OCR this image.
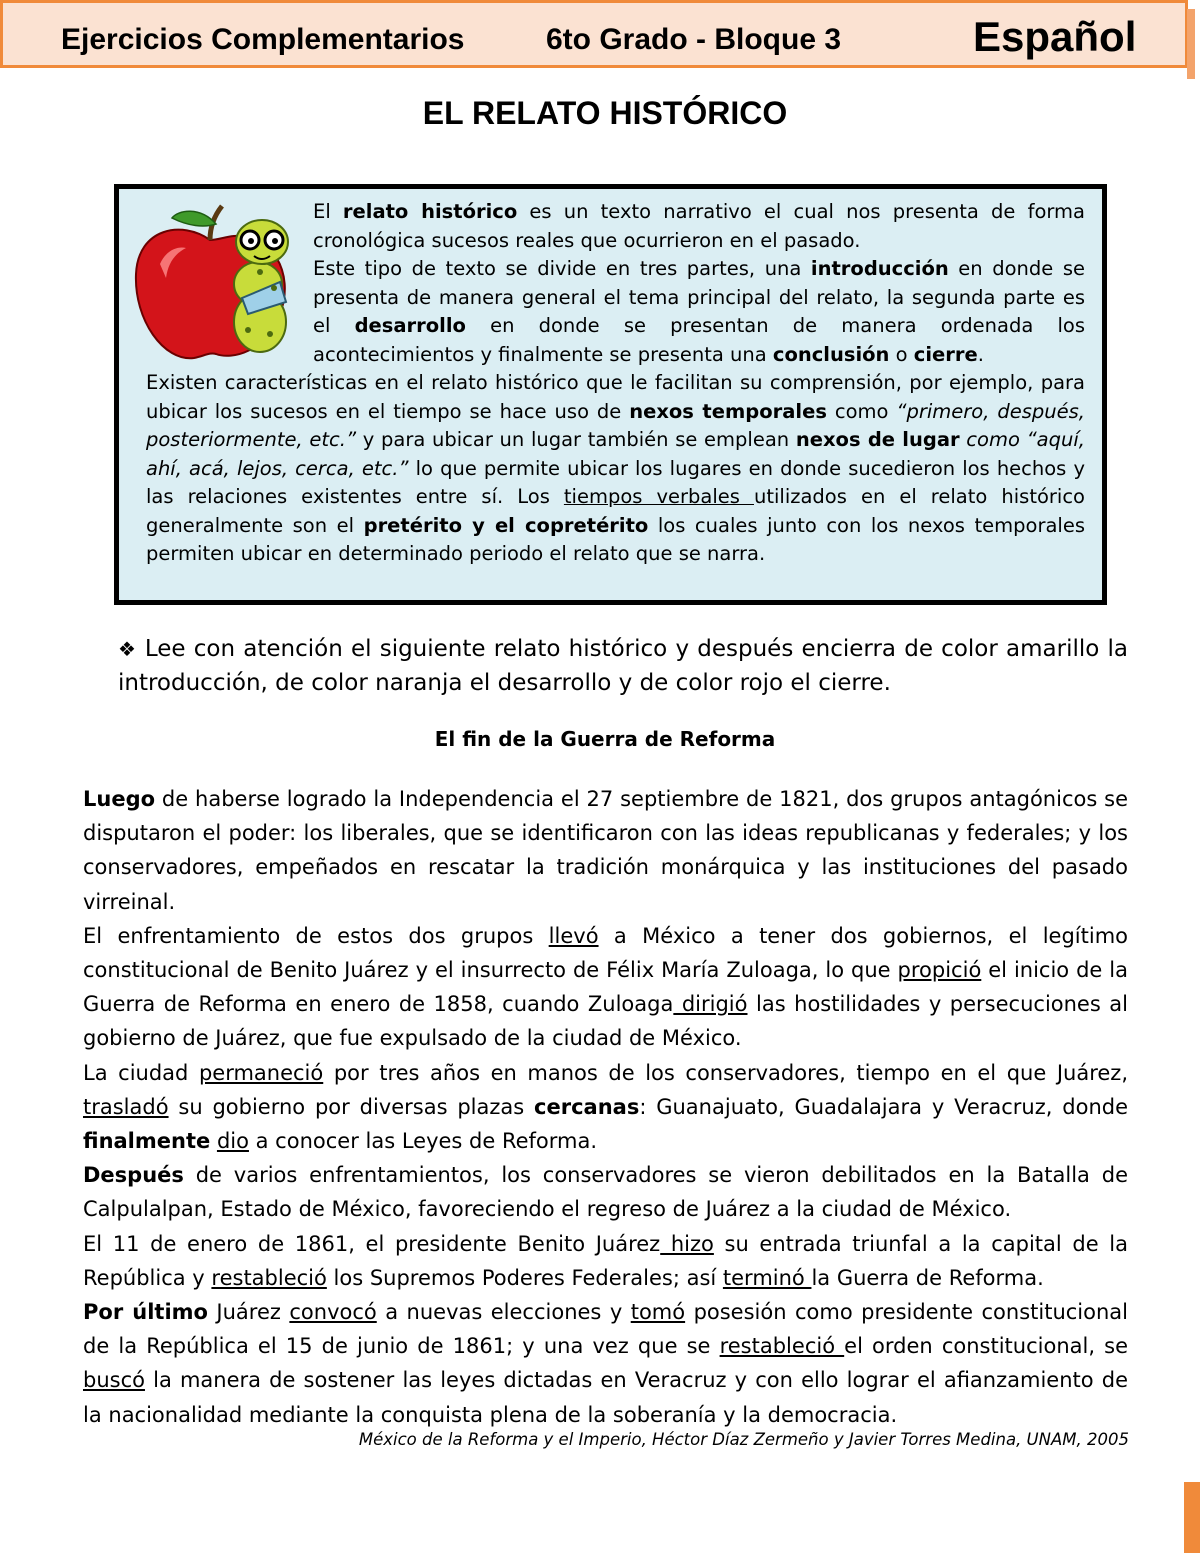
Ejercicios Complementarios	6to Grado - Bloque 3	Español
EL RELATO HISTÓRICO
El relato histórico es un texto narrativo el cual nos presenta de forma cronológica sucesos reales que ocurrieron en el pasado.
Este tipo de texto se divide en tres partes, una introducción en donde se presenta de manera general el tema principal del relato, la segunda parte es el desarrollo en donde se presentan de manera ordenada los acontecimientos y finalmente se presenta una conclusión o cierre.
Existen características en el relato histórico que le facilitan su comprensión, por ejemplo, para ubicar los sucesos en el tiempo se hace uso de nexos temporales como “primero, después, posteriormente, etc.” y para ubicar un lugar también se emplean nexos de lugar como “aquí, ahí, acá, lejos, cerca, etc.” lo que permite ubicar los lugares en donde sucedieron los hechos y las relaciones existentes entre sí. Los tiempos verbales utilizados en el relato histórico generalmente son el pretérito y el copretérito los cuales junto con los nexos temporales permiten ubicar en determinado periodo el relato que se narra.
❖ Lee con atención el siguiente relato histórico y después encierra de color amarillo la introducción, de color naranja el desarrollo y de color rojo el cierre.
El fin de la Guerra de Reforma

Luego de haberse logrado la Independencia el 27 septiembre de 1821, dos grupos antagónicos se disputaron el poder: los liberales, que se identificaron con las ideas republicanas y federales; y los conservadores, empeñados en rescatar la tradición monárquica y las instituciones del pasado virreinal.

El enfrentamiento de estos dos grupos llevó a México a tener dos gobiernos, el legítimo constitucional de Benito Juárez y el insurrecto de Félix María Zuloaga, lo que propició el inicio de la Guerra de Reforma en enero de 1858, cuando Zuloaga dirigió las hostilidades y persecuciones al gobierno de Juárez, que fue expulsado de la ciudad de México.

La ciudad permaneció por tres años en manos de los conservadores, tiempo en el que Juárez, trasladó su gobierno por diversas plazas cercanas: Guanajuato, Guadalajara y Veracruz, donde finalmente dio a conocer las Leyes de Reforma.

Después de varios enfrentamientos, los conservadores se vieron debilitados en la Batalla de Calpulalpan, Estado de México, favoreciendo el regreso de Juárez a la ciudad de México.

El 11 de enero de 1861, el presidente Benito Juárez hizo su entrada triunfal a la capital de la República y restableció los Supremos Poderes Federales; así terminó la Guerra de Reforma.

Por último Juárez convocó a nuevas elecciones y tomó posesión como presidente constitucional de la República el 15 de junio de 1861; y una vez que se restableció el orden constitucional, se buscó la manera de sostener las leyes dictadas en Veracruz y con ello lograr el afianzamiento de la nacionalidad mediante la conquista plena de la soberanía y la democracia.

México de la Reforma y el Imperio, Héctor Díaz Zermeño y Javier Torres Medina, UNAM, 2005
